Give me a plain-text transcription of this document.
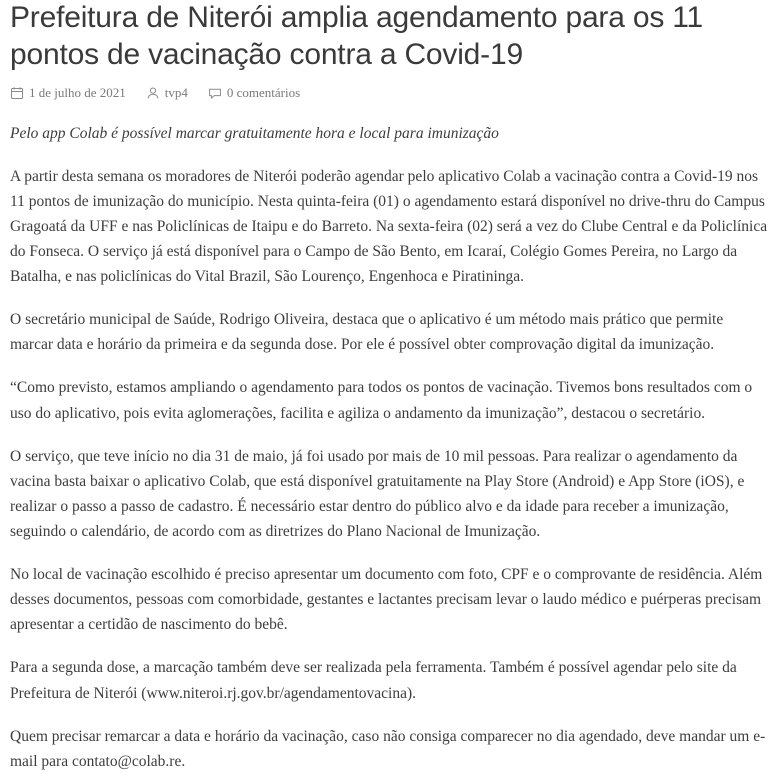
Prefeitura de Niterói amplia agendamento para os 11 pontos de vacinação contra a Covid-19
1 de julho de 2021	tvp4	0 comentários

Pelo app Colab é possível marcar gratuitamente hora e local para imunização

A partir desta semana os moradores de Niterói poderão agendar pelo aplicativo Colab a vacinação contra a Covid-19 nos 11 pontos de imunização do município. Nesta quinta-feira (01) o agendamento estará disponível no drive-thru do Campus Gragoatá da UFF e nas Policlínicas de Itaipu e do Barreto. Na sexta-feira (02) será a vez do Clube Central e da Policlínica do Fonseca. O serviço já está disponível para o Campo de São Bento, em Icaraí, Colégio Gomes Pereira, no Largo da Batalha, e nas policlínicas do Vital Brazil, São Lourenço, Engenhoca e Piratininga.

O secretário municipal de Saúde, Rodrigo Oliveira, destaca que o aplicativo é um método mais prático que permite marcar data e horário da primeira e da segunda dose. Por ele é possível obter comprovação digital da imunização.

“Como previsto, estamos ampliando o agendamento para todos os pontos de vacinação. Tivemos bons resultados com o uso do aplicativo, pois evita aglomerações, facilita e agiliza o andamento da imunização”, destacou o secretário.

O serviço, que teve início no dia 31 de maio, já foi usado por mais de 10 mil pessoas. Para realizar o agendamento da vacina basta baixar o aplicativo Colab, que está disponível gratuitamente na Play Store (Android) e App Store (iOS), e realizar o passo a passo de cadastro. É necessário estar dentro do público alvo e da idade para receber a imunização, seguindo o calendário, de acordo com as diretrizes do Plano Nacional de Imunização.

No local de vacinação escolhido é preciso apresentar um documento com foto, CPF e o comprovante de residência. Além desses documentos, pessoas com comorbidade, gestantes e lactantes precisam levar o laudo médico e puérperas precisam apresentar a certidão de nascimento do bebê.

Para a segunda dose, a marcação também deve ser realizada pela ferramenta. Também é possível agendar pelo site da Prefeitura de Niterói (www.niteroi.rj.gov.br/agendamentovacina).

Quem precisar remarcar a data e horário da vacinação, caso não consiga comparecer no dia agendado, deve mandar um e-mail para contato@colab.re.
